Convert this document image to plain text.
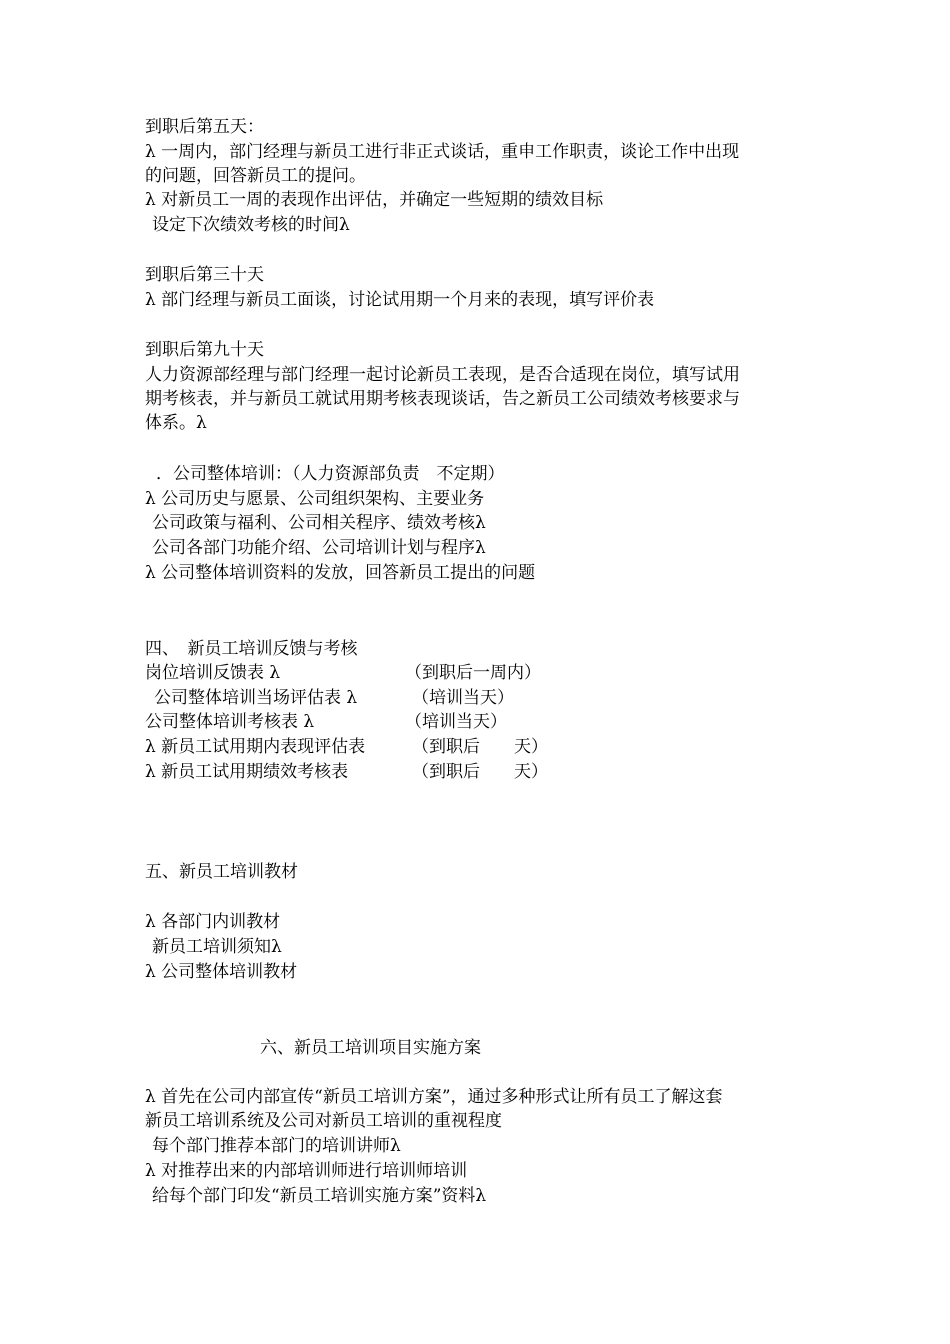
到职后第五天：
λ 一周内，部门经理与新员工进行非正式谈话，重申工作职责，谈论工作中出现
的问题，回答新员工的提问。
λ 对新员工一周的表现作出评估，并确定一些短期的绩效目标
设定下次绩效考核的时间λ
到职后第三十天
λ 部门经理与新员工面谈，讨论试用期一个月来的表现，填写评价表
到职后第九十天
人力资源部经理与部门经理一起讨论新员工表现，是否合适现在岗位，填写试用
期考核表，并与新员工就试用期考核表现谈话，告之新员工公司绩效考核要求与
体系。λ
．公司整体培训：（人力资源部负责　不定期）
λ 公司历史与愿景、公司组织架构、主要业务
公司政策与福利、公司相关程序、绩效考核λ
公司各部门功能介绍、公司培训计划与程序λ
λ 公司整体培训资料的发放，回答新员工提出的问题
四、　新员工培训反馈与考核
岗位培训反馈表 λ	（到职后一周内）
公司整体培训当场评估表 λ	（培训当天）
公司整体培训考核表 λ	（培训当天）
λ 新员工试用期内表现评估表	（到职后　　天）
λ 新员工试用期绩效考核表	（到职后　　天）
五、新员工培训教材
λ 各部门内训教材
新员工培训须知λ
λ 公司整体培训教材
六、新员工培训项目实施方案
λ 首先在公司内部宣传“新员工培训方案”，通过多种形式让所有员工了解这套
新员工培训系统及公司对新员工培训的重视程度
每个部门推荐本部门的培训讲师λ
λ 对推荐出来的内部培训师进行培训师培训
给每个部门印发“新员工培训实施方案”资料λ
